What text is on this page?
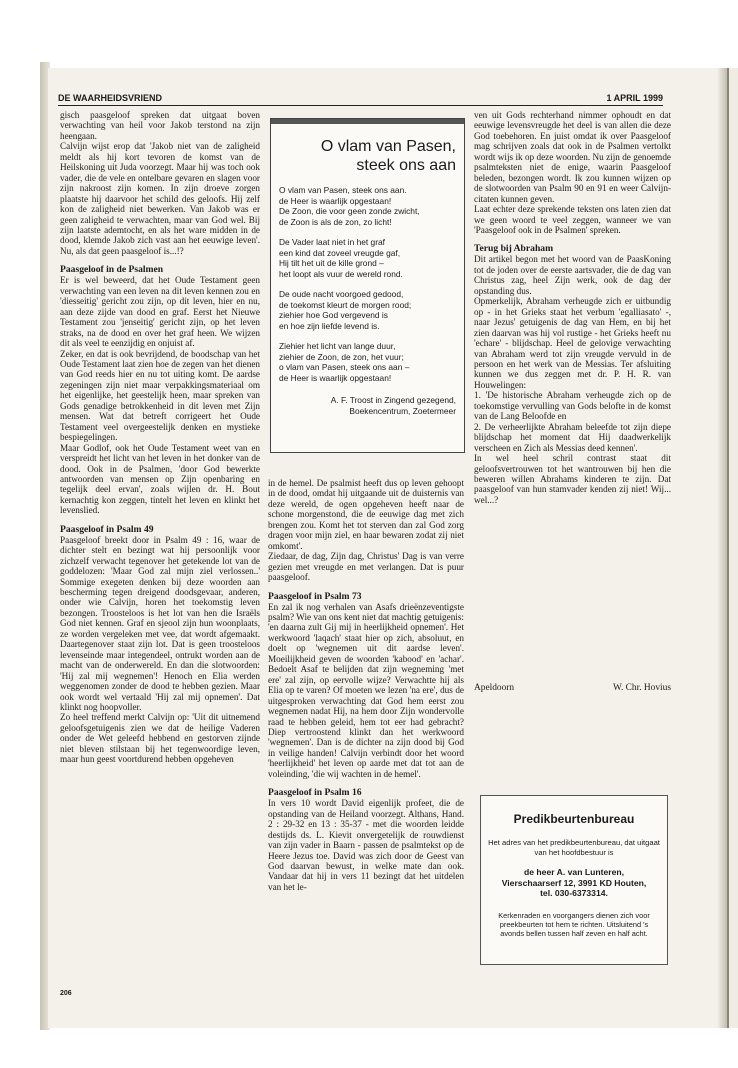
DE WAARHEIDSVRIEND	1 APRIL 1999

gisch paasgeloof spreken dat uitgaat boven verwachting van heil voor Jakob terstond na zijn heengaan.

Calvijn wijst erop dat 'Jakob niet van de zaligheid meldt als hij kort tevoren de komst van de Heilskoning uit Juda voorzegt. Maar hij was toch ook vader, die de vele en ontelbare gevaren en slagen voor zijn nakroost zijn komen. In zijn droeve zorgen plaatste hij daarvoor het schild des geloofs. Hij zelf kon de zaligheid niet bewerken. Van Jakob was er geen zaligheid te verwachten, maar van God wel. Bij zijn laatste ademtocht, en als het ware midden in de dood, klemde Jakob zich vast aan het eeuwige leven'. Nu, als dat geen paasgeloof is...!?

Paasgeloof in de Psalmen

Er is wel beweerd, dat het Oude Testament geen verwachting van een leven na dit leven kennen zou en 'diesseitig' gericht zou zijn, op dit leven, hier en nu, aan deze zijde van dood en graf. Eerst het Nieuwe Testament zou 'jenseitig' gericht zijn, op het leven straks, na de dood en over het graf heen. We wijzen dit als veel te eenzijdig en onjuist af.

Zeker, en dat is ook bevrijdend, de boodschap van het Oude Testament laat zien hoe de zegen van het dienen van God reeds hier en nu tot uiting komt. De aardse zegeningen zijn niet maar verpakkingsmateriaal om het eigenlijke, het geestelijk heen, maar spreken van Gods genadige betrokkenheid in dit leven met Zijn mensen. Wat dat betreft corrigeert het Oude Testament veel overgeestelijk denken en mystieke bespiegelingen.

Maar Godlof, ook het Oude Testament weet van en verspreidt het licht van het leven in het donker van de dood. Ook in de Psalmen, 'door God bewerkte antwoorden van mensen op Zijn openbaring en tegelijk deel ervan', zoals wijlen dr. H. Bout kernachtig kon zeggen, tintelt het leven en klinkt het levenslied.

Paasgeloof in Psalm 49

Paasgeloof breekt door in Psalm 49 : 16, waar de dichter stelt en bezingt wat hij persoonlijk voor zichzelf verwacht tegenover het getekende lot van de goddelozen: 'Maar God zal mijn ziel verlossen..' Sommige exegeten denken bij deze woorden aan bescherming tegen dreigend doodsgevaar, anderen, onder wie Calvijn, horen het toekomstig leven bezongen. Troosteloos is het lot van hen die Israëls God niet kennen. Graf en sjeool zijn hun woonplaats, ze worden vergeleken met vee, dat wordt afgemaakt. Daartegenover staat zijn lot. Dat is geen troosteloos levenseinde maar integendeel, ontrukt worden aan de macht van de onderwereld. En dan die slotwoorden: 'Hij zal mij wegnemen'! Henoch en Elia werden weggenomen zonder de dood te hebben gezien. Maar ook wordt wel vertaald 'Hij zal mij opnemen'. Dat klinkt nog hoopvoller.

Zo heel treffend merkt Calvijn op: 'Uit dit uitnemend geloofsgetuigenis zien we dat de heilige Vaderen onder de Wet geleefd hebbend en gestorven zijnde niet bleven stilstaan bij het tegenwoordige leven, maar hun geest voortdurend hebben opgeheven

O vlam van Pasen,
steek ons aan
O vlam van Pasen, steek ons aan.
de Heer is waarlijk opgestaan!
De Zoon, die voor geen zonde zwicht,
de Zoon is als de zon, zo licht!
De Vader laat niet in het graf
een kind dat zoveel vreugde gaf,
Hij tilt het uit de kille grond –
het loopt als vuur de wereld rond.
De oude nacht voorgoed gedood,
de toekomst kleurt de morgen rood;
ziehier hoe God vergevend is
en hoe zijn liefde levend is.
Ziehier het licht van lange duur,
ziehier de Zoon, de zon, het vuur;
o vlam van Pasen, steek ons aan –
de Heer is waarlijk opgestaan!
A. F. Troost in Zingend gezegend,
Boekencentrum, Zoetermeer

in de hemel. De psalmist heeft dus op leven gehoopt in de dood, omdat hij uitgaande uit de duisternis van deze wereld, de ogen opgeheven heeft naar de schone morgenstond, die de eeuwige dag met zich brengen zou. Komt het tot sterven dan zal God zorg dragen voor mijn ziel, en haar bewaren zodat zij niet omkomt'.

Ziedaar, de dag, Zijn dag, Christus' Dag is van verre gezien met vreugde en met verlangen. Dat is puur paasgeloof.

Paasgeloof in Psalm 73

En zal ik nog verhalen van Asafs drieënzeventigste psalm? Wie van ons kent niet dat machtig getuigenis: 'en daarna zult Gij mij in heerlijkheid opnemen'. Het werkwoord 'laqach' staat hier op zich, absoluut, en doelt op 'wegnemen uit dit aardse leven'. Moeilijkheid geven de woorden 'kabood' en 'achar'. Bedoelt Asaf te belijden dat zijn wegneming 'met ere' zal zijn, op eervolle wijze? Verwachtte hij als Elia op te varen? Of moeten we lezen 'na ere', dus de uitgesproken verwachting dat God hem eerst zou wegnemen nadat Hij, na hem door Zijn wondervolle raad te hebben geleid, hem tot eer had gebracht? Diep vertroostend klinkt dan het werkwoord 'wegnemen'. Dan is de dichter na zijn dood bij God in veilige handen! Calvijn verbindt door het woord 'heerlijkheid' het leven op aarde met dat tot aan de voleinding, 'die wij wachten in de hemel'.

Paasgeloof in Psalm 16

In vers 10 wordt David eigenlijk profeet, die de opstanding van de Heiland voorzegt. Althans, Hand. 2 : 29-32 en 13 : 35-37 - met die woorden leidde destijds ds. L. Kievit onvergetelijk de rouwdienst van zijn vader in Baarn - passen de psalmtekst op de Heere Jezus toe. David was zich door de Geest van God daarvan bewust, in welke mate dan ook. Vandaar dat hij in vers 11 bezingt dat het uitdelen van het le-

ven uit Gods rechterhand nimmer ophoudt en dat eeuwige levensvreugde het deel is van allen die deze God toebehoren. En juist omdat ik over Paasgeloof mag schrijven zoals dat ook in de Psalmen vertolkt wordt wijs ik op deze woorden. Nu zijn de genoemde psalmteksten niet de enige, waarin Paasgeloof beleden, bezongen wordt. Ik zou kunnen wijzen op de slotwoorden van Psalm 90 en 91 en weer Calvijn-citaten kunnen geven.

Laat echter deze sprekende teksten ons laten zien dat we geen woord te veel zeggen, wanneer we van 'Paasgeloof ook in de Psalmen' spreken.

Terug bij Abraham

Dit artikel begon met het woord van de PaasKoning tot de joden over de eerste aartsvader, die de dag van Christus zag, heel Zijn werk, ook de dag der opstanding dus.

Opmerkelijk, Abraham verheugde zich er uitbundig op - in het Grieks staat het verbum 'egalliasato' -, naar Jezus' getuigenis de dag van Hem, en bij het zien daarvan was hij vol rustige - het Grieks heeft nu 'echare' - blijdschap. Heel de gelovige verwachting van Abraham werd tot zijn vreugde vervuld in de persoon en het werk van de Messias. Ter afsluiting kunnen we dus zeggen met dr. P. H. R. van Houwelingen:

1. 'De historische Abraham verheugde zich op de toekomstige vervulling van Gods belofte in de komst van de Lang Beloofde en

2. De verheerlijkte Abraham beleefde tot zijn diepe blijdschap het moment dat Hij daadwerkelijk verscheen en Zich als Messias deed kennen'.

In wel heel schril contrast staat dit geloofsvertrouwen tot het wantrouwen bij hen die beweren willen Abrahams kinderen te zijn. Dat paasgeloof van hun stamvader kenden zij niet! Wij... wel...?

Apeldoorn	W. Chr. Hovius
Predikbeurtenbureau
Het adres van het predikbeurtenbureau, dat uitgaat van het hoofdbestuur is
de heer A. van Lunteren,
Vierschaarserf 12, 3991 KD Houten,
tel. 030-6373314.
Kerkenraden en voorgangers dienen zich voor preekbeurten tot hem te richten. Uitsluitend 's avonds bellen tussen half zeven en half acht.
206
